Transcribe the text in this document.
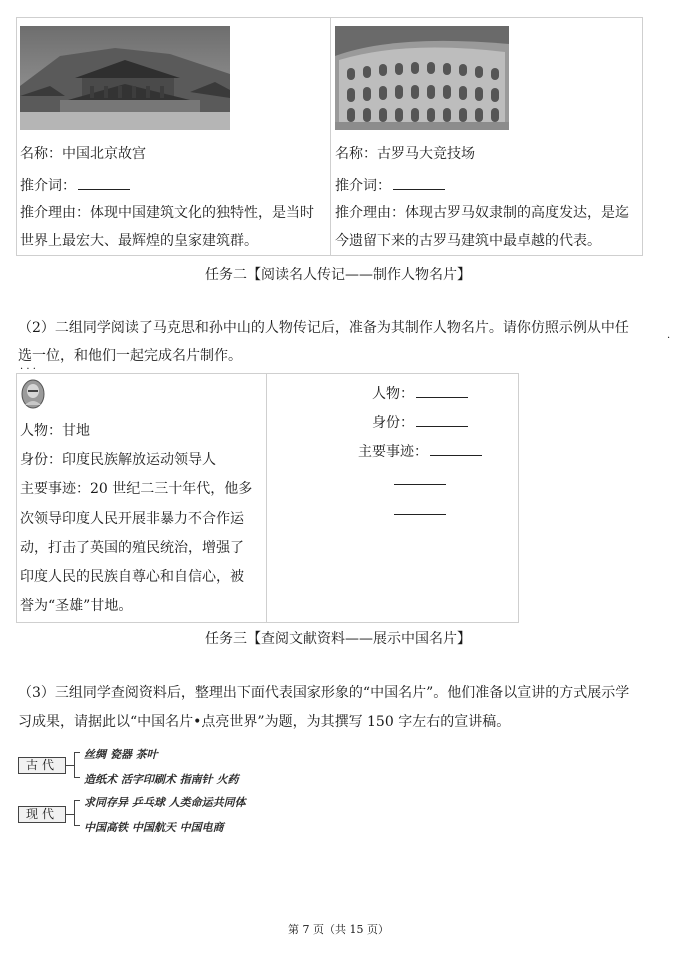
名称：中国北京故宫
推介词：
推介理由：体现中国建筑文化的独特性，是当时
世界上最宏大、最辉煌的皇家建筑群。
名称：古罗马大竞技场
推介词：
推介理由：体现古罗马奴隶制的高度发达，是迄
今遗留下来的古罗马建筑中最卓越的代表。
任务二【阅读名人传记——制作人物名片】
（2）二组同学阅读了马克思和孙中山的人物传记后，准备为其制作人物名片。请你仿照示例从中任
选一位，和他们一起完成名片制作。
· · ·
·
人物：甘地
身份：印度民族解放运动领导人
主要事迹：20 世纪二三十年代，他多
次领导印度人民开展非暴力不合作运
动，打击了英国的殖民统治，增强了
印度人民的民族自尊心和自信心，被
誉为“圣雄”甘地。
人物：
身份：
主要事迹：
任务三【查阅文献资料——展示中国名片】
（3）三组同学查阅资料后，整理出下面代表国家形象的“中国名片”。他们准备以宣讲的方式展示学
习成果，请据此以“中国名片•点亮世界”为题，为其撰写 150 字左右的宣讲稿。
古代
丝绸 瓷器 茶叶
造纸术 活字印刷术 指南针 火药
现代
求同存异 乒乓球 人类命运共同体
中国高铁 中国航天 中国电商
第 7 页（共 15 页）
